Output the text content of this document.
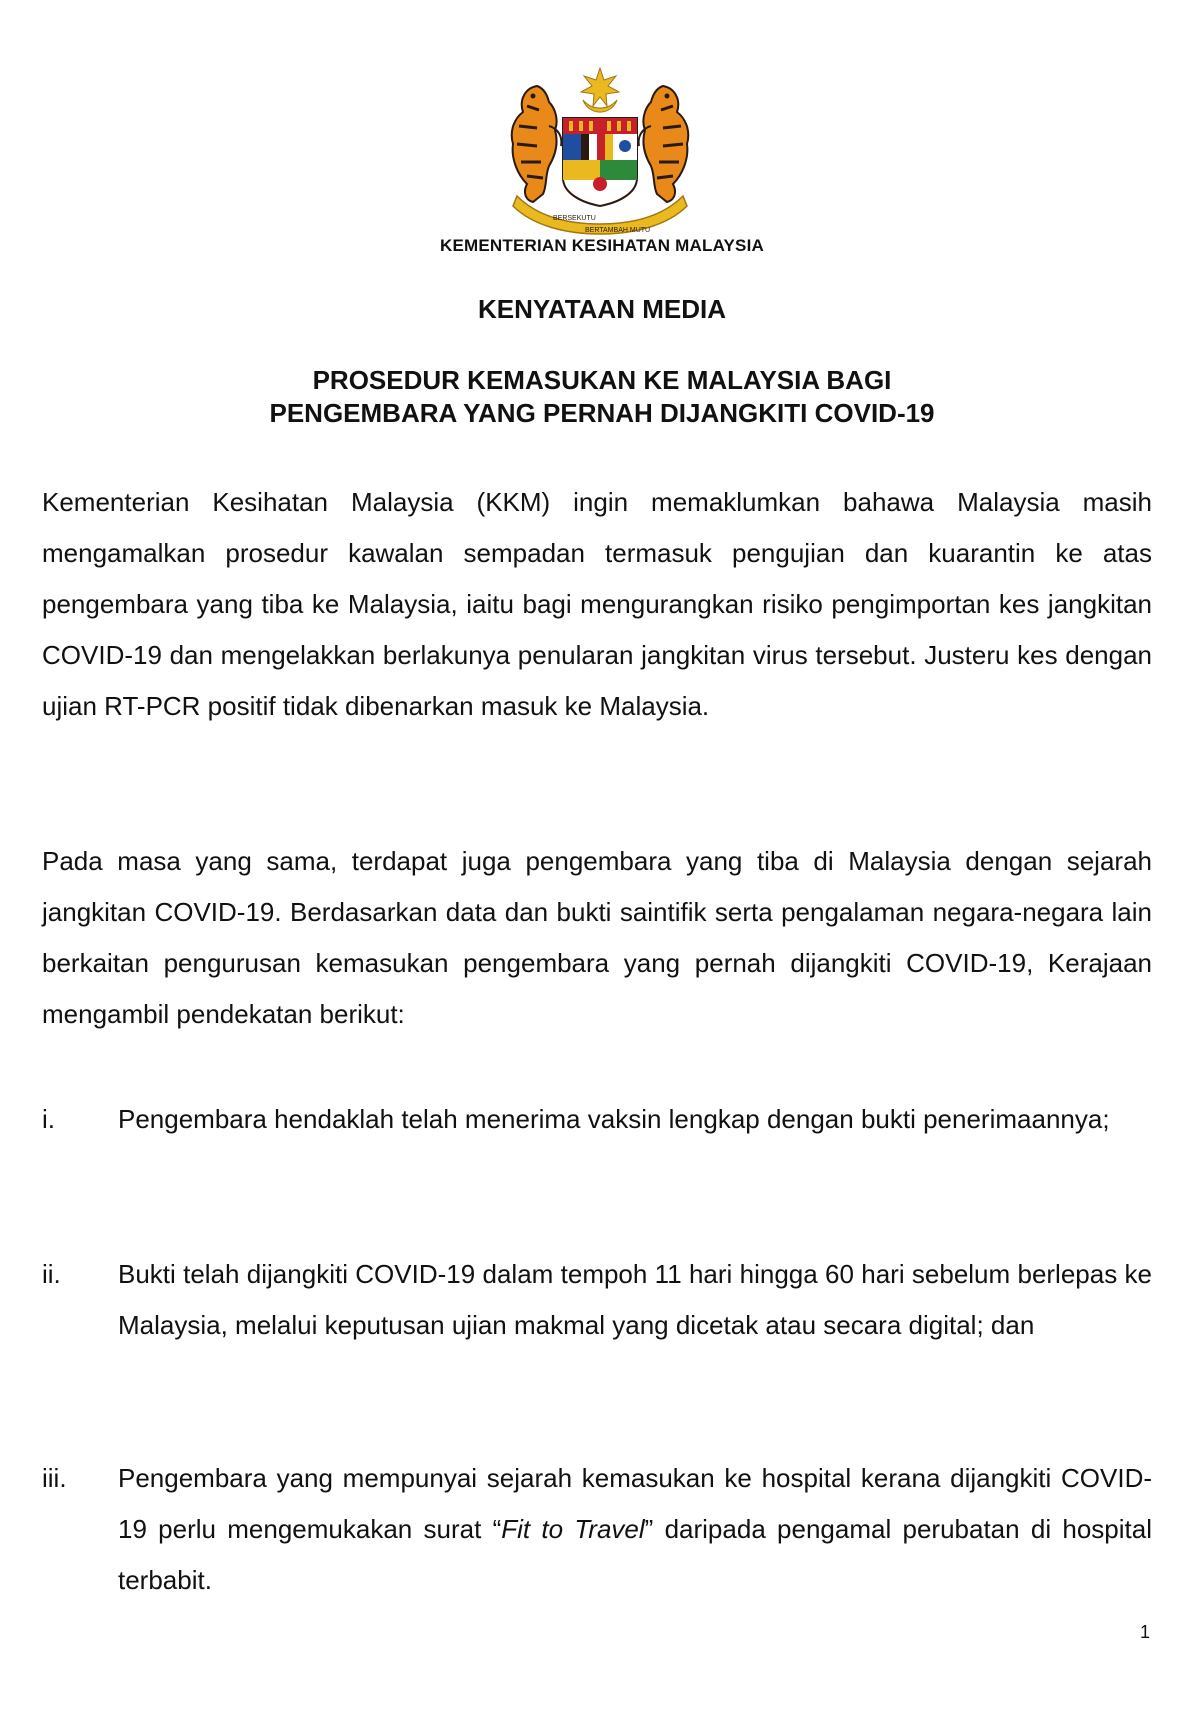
BERSEKUTU
BERTAMBAH MUTU
KEMENTERIAN KESIHATAN MALAYSIA
KENYATAAN MEDIA
PROSEDUR KEMASUKAN KE MALAYSIA BAGI
PENGEMBARA YANG PERNAH DIJANGKITI COVID-19

Kementerian Kesihatan Malaysia (KKM) ingin memaklumkan bahawa Malaysia masih mengamalkan prosedur kawalan sempadan termasuk pengujian dan kuarantin ke atas pengembara yang tiba ke Malaysia, iaitu bagi mengurangkan risiko pengimportan kes jangkitan COVID-19 dan mengelakkan berlakunya penularan jangkitan virus tersebut. Justeru kes dengan ujian RT-PCR positif tidak dibenarkan masuk ke Malaysia.

Pada masa yang sama, terdapat juga pengembara yang tiba di Malaysia dengan sejarah jangkitan COVID-19. Berdasarkan data dan bukti saintifik serta pengalaman negara-negara lain berkaitan pengurusan kemasukan pengembara yang pernah dijangkiti COVID-19, Kerajaan mengambil pendekatan berikut:

i. Pengembara hendaklah telah menerima vaksin lengkap dengan bukti penerimaannya;
ii. Bukti telah dijangkiti COVID-19 dalam tempoh 11 hari hingga 60 hari sebelum berlepas ke Malaysia, melalui keputusan ujian makmal yang dicetak atau secara digital; dan
iii. Pengembara yang mempunyai sejarah kemasukan ke hospital kerana dijangkiti COVID-19 perlu mengemukakan surat “Fit to Travel” daripada pengamal perubatan di hospital terbabit.
1
